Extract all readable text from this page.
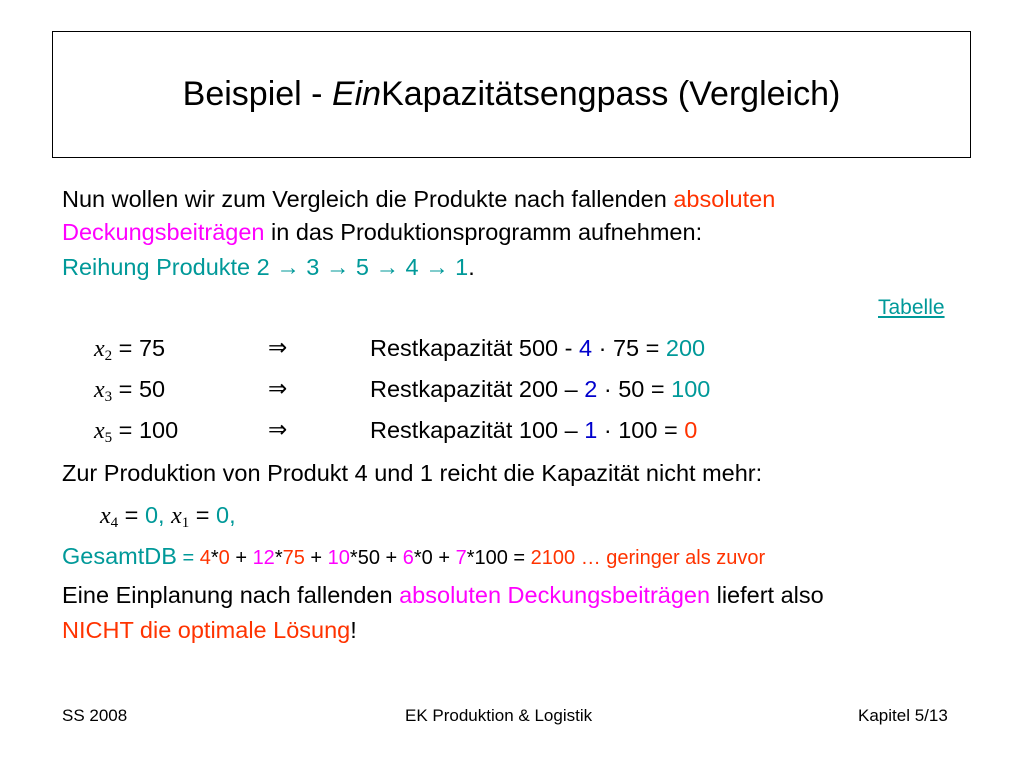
Beispiel -
Ein Kapazitätsengpass (Vergleich)
Nun wollen wir zum Vergleich die Produkte nach fallenden absoluten
Deckungsbeiträgen in das Produktionsprogramm aufnehmen:
Reihung Produkte 2 → 3 → 5 → 4 → 1.
Tabelle
$x_2 = 75$	⇒	Restkapazität 500 - 4 · 75 = 200
$x_3 = 50$	⇒	Restkapazität 200 – 2 · 50 = 100
$x_5 = 100$	⇒	Restkapazität 100 – 1 · 100 = 0
Zur Produktion von Produkt 4 und 1 reicht die Kapazität nicht mehr:
$x_4 = 0$, $x_1 = 0$,
GesamtDB = 4*0 + 12*75 + 10*50 + 6*0 + 7*100 = 2100 … geringer als zuvor
Eine Einplanung nach fallenden absoluten Deckungsbeiträgen liefert also
NICHT die optimale Lösung!
SS 2008	EK Produktion & Logistik	Kapitel 5/13
